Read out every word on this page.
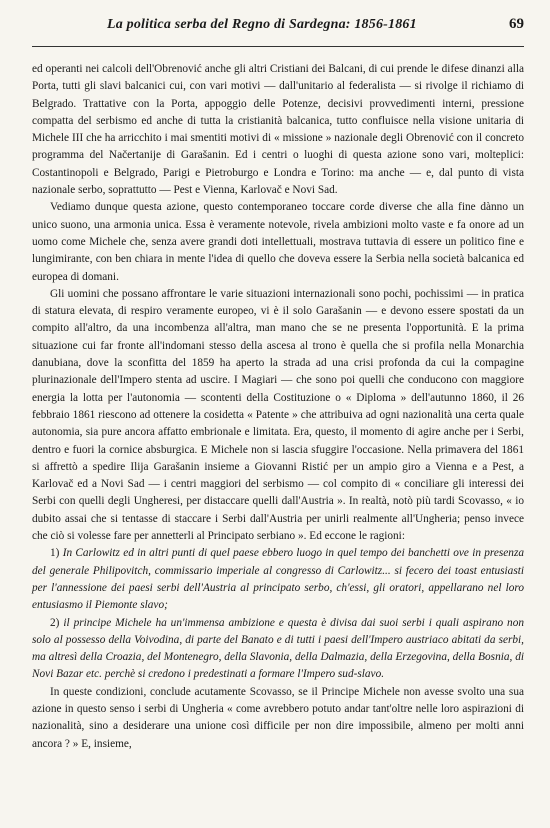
La politica serba del Regno di Sardegna: 1856-1861	69

ed operanti nei calcoli dell'Obrenović anche gli altri Cristiani dei Balcani, di cui prende le difese dinanzi alla Porta, tutti gli slavi balcanici cui, con vari motivi — dall'unitario al federalista — si rivolge il richiamo di Belgrado. Trattative con la Porta, appoggio delle Potenze, decisivi provvedimenti interni, pressione compatta del serbismo ed anche di tutta la cristianità balcanica, tutto confluisce nella visione unitaria di Michele III che ha arricchito i mai smentiti motivi di « missione » nazionale degli Obrenović con il concreto programma del Načertanije di Garašanin. Ed i centri o luoghi di questa azione sono vari, molteplici: Costantinopoli e Belgrado, Parigi e Pietroburgo e Londra e Torino: ma anche — e, dal punto di vista nazionale serbo, soprattutto — Pest e Vienna, Karlovač e Novi Sad.

Vediamo dunque questa azione, questo contemporaneo toccare corde diverse che alla fine dànno un unico suono, una armonia unica. Essa è veramente notevole, rivela ambizioni molto vaste e fa onore ad un uomo come Michele che, senza avere grandi doti intellettuali, mostrava tuttavia di essere un politico fine e lungimirante, con ben chiara in mente l'idea di quello che doveva essere la Serbia nella società balcanica ed europea di domani.

Gli uomini che possano affrontare le varie situazioni internazionali sono pochi, pochissimi — in pratica di statura elevata, di respiro veramente europeo, vi è il solo Garašanin — e devono essere spostati da un compito all'altro, da una incombenza all'altra, man mano che se ne presenta l'opportunità. E la prima situazione cui far fronte all'indomani stesso della ascesa al trono è quella che si profila nella Monarchia danubiana, dove la sconfitta del 1859 ha aperto la strada ad una crisi profonda da cui la compagine plurinazionale dell'Impero stenta ad uscire. I Magiari — che sono poi quelli che conducono con maggiore energia la lotta per l'autonomia — scontenti della Costituzione o « Diploma » dell'autunno 1860, il 26 febbraio 1861 riescono ad ottenere la cosidetta « Patente » che attribuiva ad ogni nazionalità una certa quale autonomia, sia pure ancora affatto embrionale e limitata. Era, questo, il momento di agire anche per i Serbi, dentro e fuori la cornice absburgica. E Michele non si lascia sfuggire l'occasione. Nella primavera del 1861 si affrettò a spedire Ilija Garašanin insieme a Giovanni Ristić per un ampio giro a Vienna e a Pest, a Karlovač ed a Novi Sad — i centri maggiori del serbismo — col compito di « conciliare gli interessi dei Serbi con quelli degli Ungheresi, per distaccare quelli dall'Austria ». In realtà, notò più tardi Scovasso, « io dubito assai che si tentasse di staccare i Serbi dall'Austria per unirli realmente all'Ungheria; penso invece che ciò si volesse fare per annetterli al Principato serbiano ». Ed eccone le ragioni:

1) In Carlowitz ed in altri punti di quel paese ebbero luogo in quel tempo dei banchetti ove in presenza del generale Philipovitch, commissario imperiale al congresso di Carlowitz... si fecero dei toast entusiasti per l'annessione dei paesi serbi dell'Austria al principato serbo, ch'essi, gli oratori, appellarano nel loro entusiasmo il Piemonte slavo;

2) il principe Michele ha un'immensa ambizione e questa è divisa dai suoi serbi i quali aspirano non solo al possesso della Voivodina, di parte del Banato e di tutti i paesi dell'Impero austriaco abitati da serbi, ma altresì della Croazia, del Montenegro, della Slavonia, della Dalmazia, della Erzegovina, della Bosnia, di Novi Bazar etc. perchè si credono i predestinati a formare l'Impero sud-slavo.

In queste condizioni, conclude acutamente Scovasso, se il Principe Michele non avesse svolto una sua azione in questo senso i serbi di Ungheria « come avrebbero potuto andar tant'oltre nelle loro aspirazioni di nazionalità, sino a desiderare una unione così difficile per non dire impossibile, almeno per molti anni ancora ? » E, insieme,
